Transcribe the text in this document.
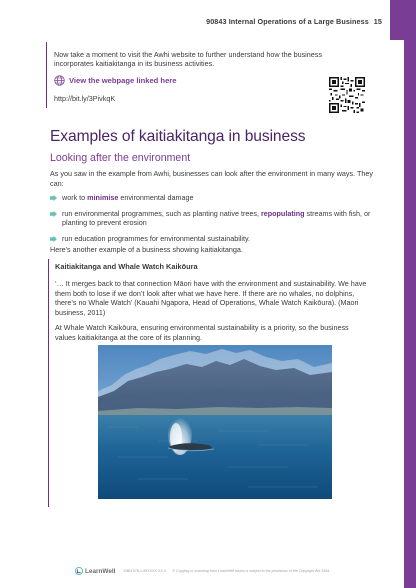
90843 Internal Operations of a Large Business 15
Now take a moment to visit the Awhi website to further understand how the business incorporates kaitiakitanga in its business activities.
View the webpage linked here
http://bit.ly/3PivkqK
Examples of kaitiakitanga in business
Looking after the environment
As you saw in the example from Awhi, businesses can look after the environment in many ways. They can:
work to minimise environmental damage
run environmental programmes, such as planting native trees, repopulating streams with fish, or planting to prevent erosion
run education programmes for environmental sustainability.
Here’s another example of a business showing kaitiakitanga.
Kaitiakitanga and Whale Watch Kaikōura
‘… It merges back to that connection Māori have with the environment and sustainability. We have them both to lose if we don’t look after what we have here. If there are no whales, no dolphins, there’s no Whale Watch’ (Kauahi Ngapora, Head of Operations, Whale Watch Kaikōura). (Maori business, 2011)
At Whale Watch Kaikōura, ensuring environmental sustainability is a priority, so the business values kaitiakitanga at the core of its planning.
LearnWell ISBN 978-1-99XXXX-XX-X © Copying or scanning from LearnWell books is subject to the provisions of the Copyright Act 1994.
